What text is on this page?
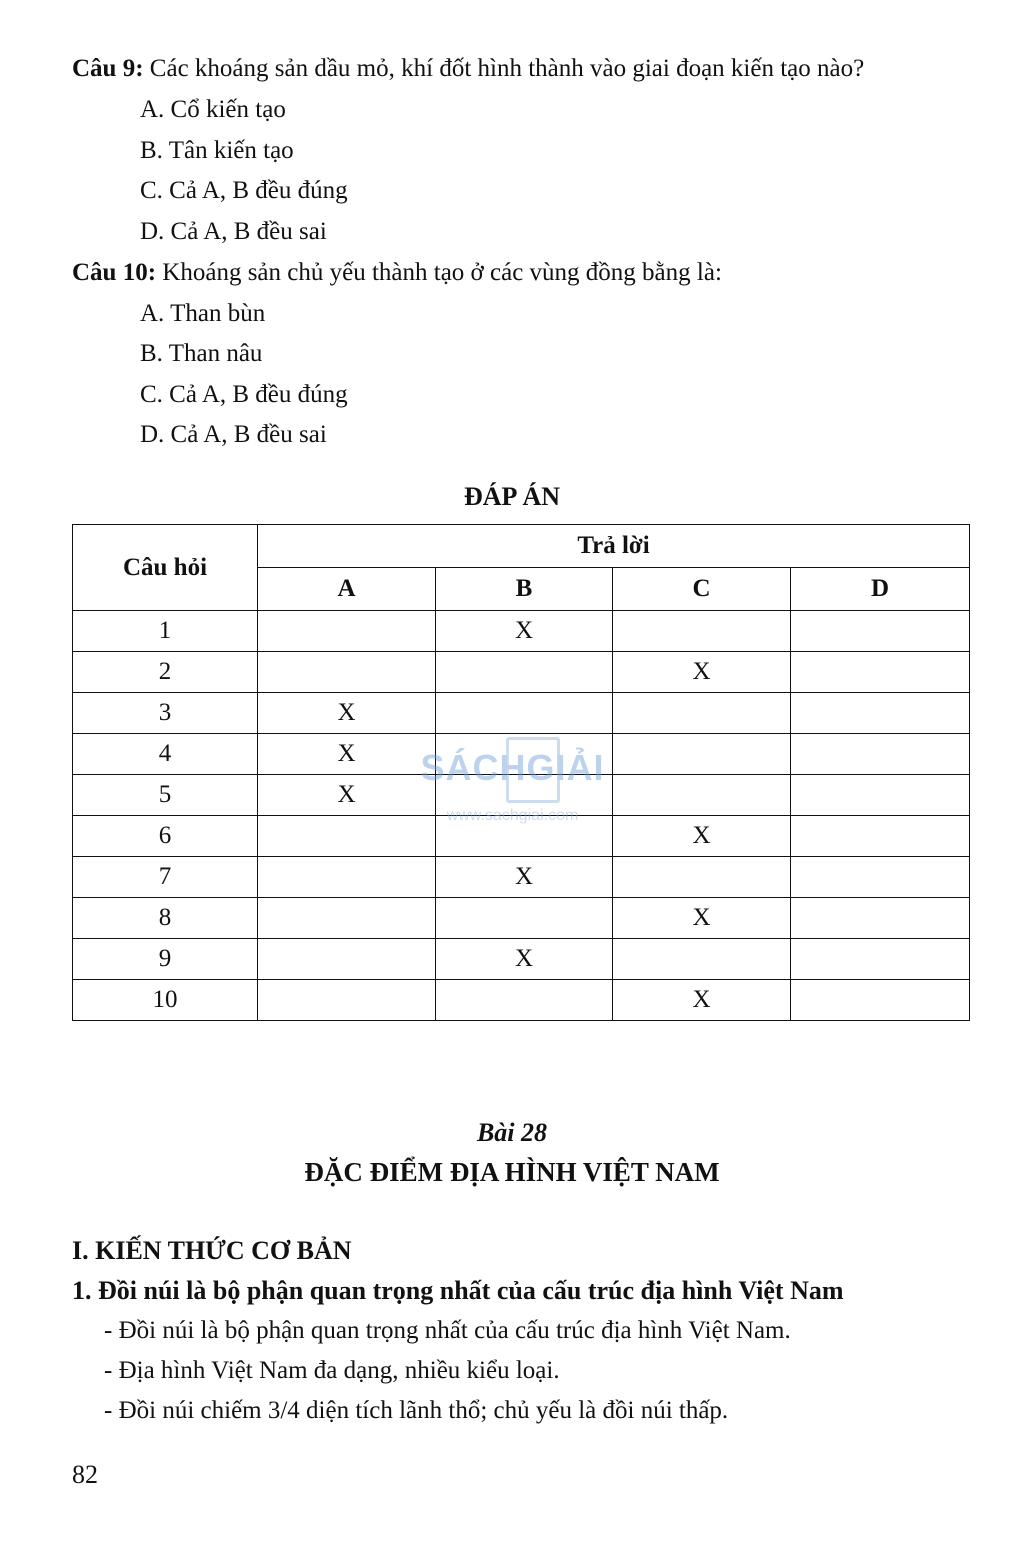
Câu 9: Các khoáng sản dầu mỏ, khí đốt hình thành vào giai đoạn kiến tạo nào?
A. Cổ kiến tạo
B. Tân kiến tạo
C. Cả A, B đều đúng
D. Cả A, B đều sai
Câu 10: Khoáng sản chủ yếu thành tạo ở các vùng đồng bằng là:
A. Than bùn
B. Than nâu
C. Cả A, B đều đúng
D. Cả A, B đều sai
ĐÁP ÁN
Câu hỏi	Trả lời			
	A	B	C	D
1		X		
2			X	
3	X			
4	X			
5	X			
6			X	
7		X		
8			X	
9		X		
10			X	
SÁCHGIẢI
www.sachgiai.com
Bài 28
ĐẶC ĐIỂM ĐỊA HÌNH VIỆT NAM
I. KIẾN THỨC CƠ BẢN
1. Đồi núi là bộ phận quan trọng nhất của cấu trúc địa hình Việt Nam
- Đồi núi là bộ phận quan trọng nhất của cấu trúc địa hình Việt Nam.
- Địa hình Việt Nam đa dạng, nhiều kiểu loại.
- Đồi núi chiếm 3/4 diện tích lãnh thổ; chủ yếu là đồi núi thấp.
82
